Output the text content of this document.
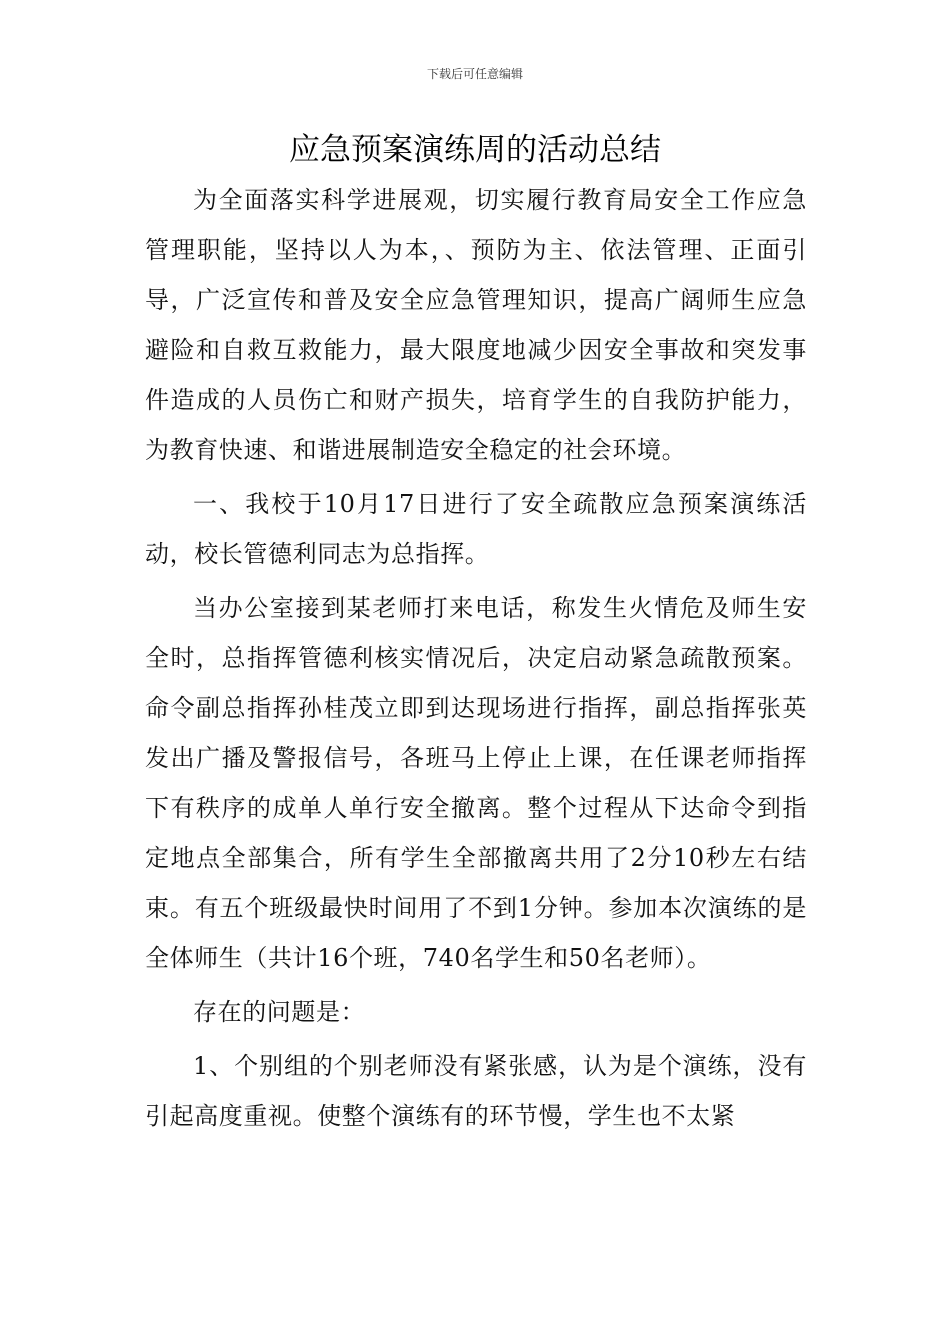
下载后可任意编辑
应急预案演练周的活动总结

为全面落实科学进展观，切实履行教育局安全工作应急管理职能，坚持以人为本，、预防为主、依法管理、正面引导，广泛宣传和普及安全应急管理知识，提高广阔师生应急避险和自救互救能力，最大限度地减少因安全事故和突发事件造成的人员伤亡和财产损失，培育学生的自我防护能力，为教育快速、和谐进展制造安全稳定的社会环境。

一、我校于10月17日进行了安全疏散应急预案演练活动，校长管德利同志为总指挥。

当办公室接到某老师打来电话，称发生火情危及师生安全时，总指挥管德利核实情况后，决定启动紧急疏散预案。命令副总指挥孙桂茂立即到达现场进行指挥，副总指挥张英发出广播及警报信号，各班马上停止上课，在任课老师指挥下有秩序的成单人单行安全撤离。整个过程从下达命令到指定地点全部集合，所有学生全部撤离共用了2分10秒左右结束。有五个班级最快时间用了不到1分钟。参加本次演练的是全体师生（共计16个班，740名学生和50名老师）。

存在的问题是：

1、个别组的个别老师没有紧张感，认为是个演练，没有引起高度重视。使整个演练有的环节慢，学生也不太紧
